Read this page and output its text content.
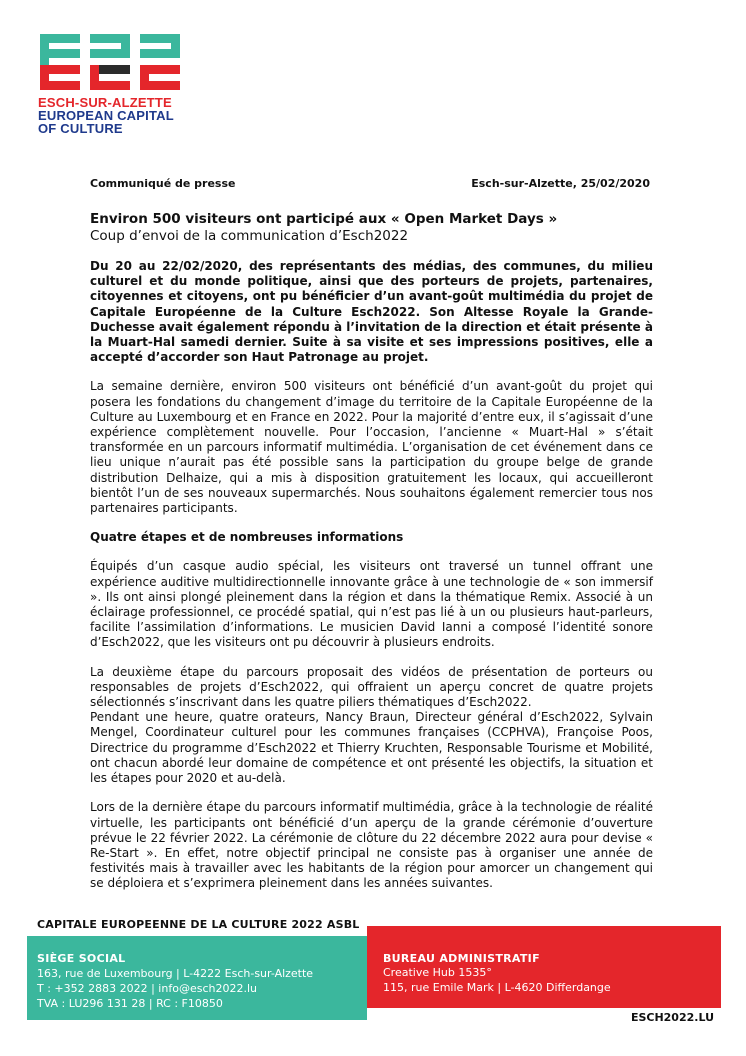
ESCH-SUR-ALZETTE
EUROPEAN CAPITAL
OF CULTURE
Communiqué de presse	Esch-sur-Alzette, 25/02/2020
Environ 500 visiteurs ont participé aux « Open Market Days »
Coup d’envoi de la communication d’Esch2022

Du 20 au 22/02/2020, des représentants des médias, des communes, du milieu culturel et du monde politique, ainsi que des porteurs de projets, partenaires, citoyennes et citoyens, ont pu bénéficier d’un avant-goût multimédia du projet de Capitale Européenne de la Culture Esch2022. Son Altesse Royale la Grande-Duchesse avait également répondu à l’invitation de la direction et était présente à la Muart-Hal samedi dernier. Suite à sa visite et ses impressions positives, elle a accepté d’accorder son Haut Patronage au projet.

La semaine dernière, environ 500 visiteurs ont bénéficié d’un avant-goût du projet qui posera les fondations du changement d’image du territoire de la Capitale Européenne de la Culture au Luxembourg et en France en 2022. Pour la majorité d’entre eux, il s’agissait d’une expérience complètement nouvelle. Pour l’occasion, l’ancienne « Muart-Hal » s’était transformée en un parcours informatif multimédia. L’organisation de cet événement dans ce lieu unique n’aurait pas été possible sans la participation du groupe belge de grande distribution Delhaize, qui a mis à disposition gratuitement les locaux, qui accueilleront bientôt l’un de ses nouveaux supermarchés. Nous souhaitons également remercier tous nos partenaires participants.

Quatre étapes et de nombreuses informations

Équipés d’un casque audio spécial, les visiteurs ont traversé un tunnel offrant une expérience auditive multidirectionnelle innovante grâce à une technologie de « son immersif ». Ils ont ainsi plongé pleinement dans la région et dans la thématique Remix. Associé à un éclairage professionnel, ce procédé spatial, qui n’est pas lié à un ou plusieurs haut-parleurs, facilite l’assimilation d’informations. Le musicien David Ianni a composé l’identité sonore d’Esch2022, que les visiteurs ont pu découvrir à plusieurs endroits.

La deuxième étape du parcours proposait des vidéos de présentation de porteurs ou responsables de projets d’Esch2022, qui offraient un aperçu concret de quatre projets sélectionnés s’inscrivant dans les quatre piliers thématiques d’Esch2022.

Pendant une heure, quatre orateurs, Nancy Braun, Directeur général d’Esch2022, Sylvain Mengel, Coordinateur culturel pour les communes françaises (CCPHVA), Françoise Poos, Directrice du programme d’Esch2022 et Thierry Kruchten, Responsable Tourisme et Mobilité, ont chacun abordé leur domaine de compétence et ont présenté les objectifs, la situation et les étapes pour 2020 et au-delà.

Lors de la dernière étape du parcours informatif multimédia, grâce à la technologie de réalité virtuelle, les participants ont bénéficié d’un aperçu de la grande cérémonie d’ouverture prévue le 22 février 2022. La cérémonie de clôture du 22 décembre 2022 aura pour devise « Re-Start ». En effet, notre objectif principal ne consiste pas à organiser une année de festivités mais à travailler avec les habitants de la région pour amorcer un changement qui se déploiera et s’exprimera pleinement dans les années suivantes.

CAPITALE EUROPEENNE DE LA CULTURE 2022 ASBL
BUREAU ADMINISTRATIF
Creative Hub 1535°
115, rue Emile Mark | L-4620 Differdange
SIÈGE SOCIAL
163, rue de Luxembourg | L-4222 Esch-sur-Alzette
T : +352 2883 2022 | info@esch2022.lu
TVA : LU296 131 28 | RC : F10850
ESCH2022.LU
